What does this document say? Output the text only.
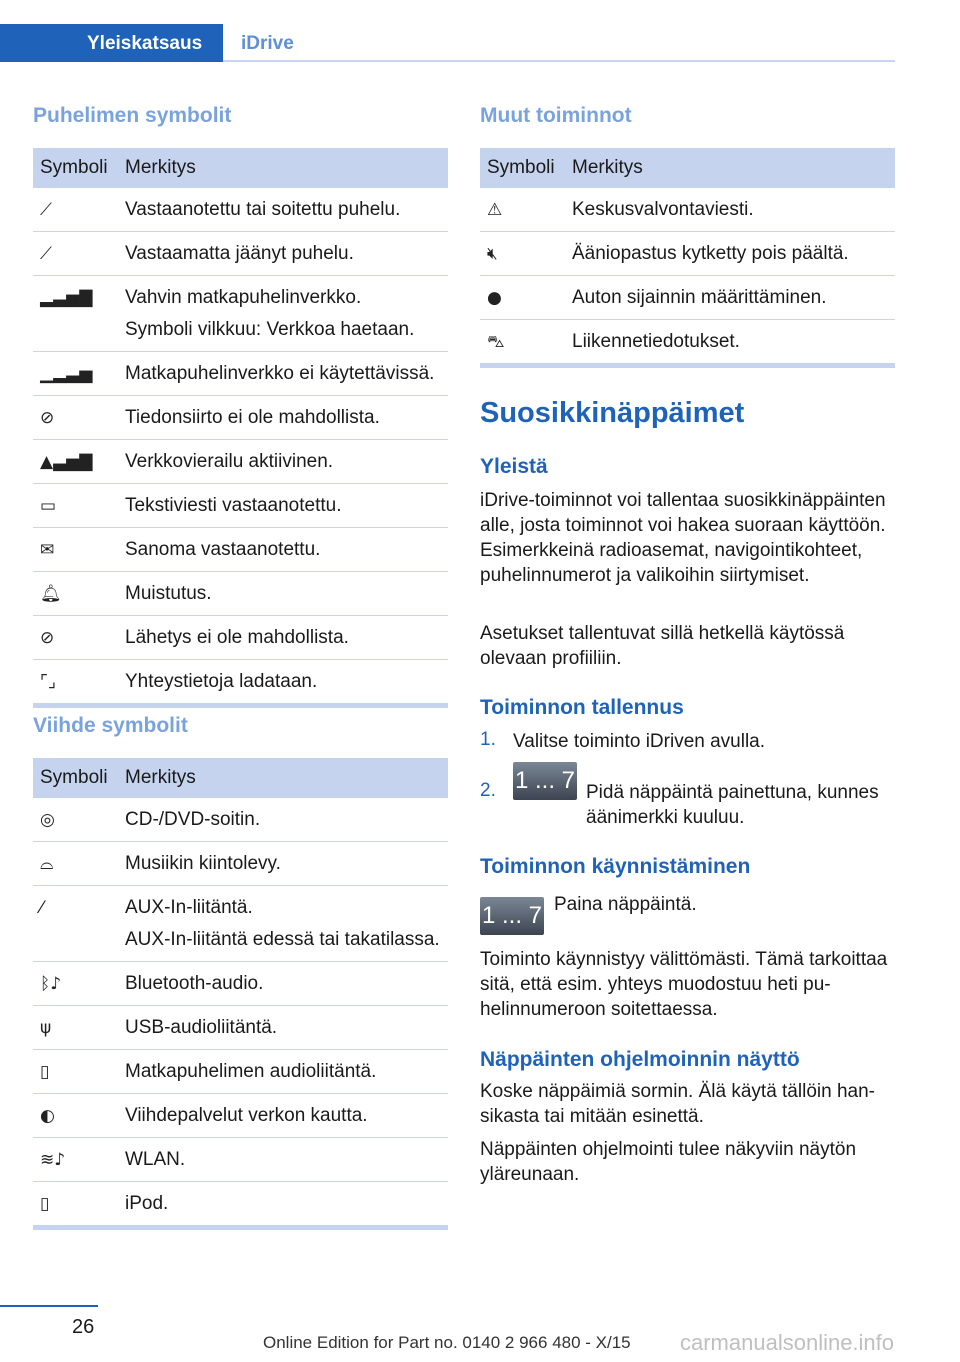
Yleiskatsaus	iDrive
Puhelimen symbolit
Symboli	Merkitys
⟋	Vastaanotettu tai soitettu puhelu.

⟋	Vastaamatta jäänyt puhelu.

▂▃▅▇	Vahvin matkapuhelinverkko.

Symboli vilkkuu: Verkkoa haetaan.

▁▂▃▅	Matkapuhelinverkko ei käytettävissä.

⊘	Tiedonsiirto ei ole mahdollista.

▲▃▅▇	Verkkovierailu aktiivinen.

▭	Tekstiviesti vastaanotettu.

✉	Sanoma vastaanotettu.

🔔︎	Muistutus.

⊘	Lähetys ei ole mahdollista.

⌜⌟	Yhteystietoja ladataan.

Viihde symbolit
Symboli	Merkitys
◎	CD-/DVD-soitin.

⌓	Musiikin kiintolevy.

⁄	AUX-In-liitäntä.

AUX-In-liitäntä edessä tai takatilassa.

ᛒ♪	Bluetooth-audio.

ψ	USB-audioliitäntä.

▯	Matkapuhelimen audioliitäntä.

◐	Viihdepalvelut verkon kautta.

≋♪	WLAN.

▯	iPod.

Muut toiminnot
Symboli	Merkitys
⚠	Keskusvalvontaviesti.

🔇︎	Ääniopastus kytketty pois päältä.

●	Auton sijainnin määrittäminen.

⛍	Liikennetiedotukset.

Suosikkinäppäimet
Yleistä
iDrive-toiminnot voi tallentaa suosikkinäppäinten alle, josta toiminnot voi hakea suoraan käyttöön. Esimerkkeinä radioasemat, navigointikohteet, puhelinnumerot ja valikoihin siirtymiset.
Asetukset tallentuvat sillä hetkellä käytössä olevaan profiiliin.
Toiminnon tallennus
1. Valitse toiminto iDriven avulla.
2. 1 ... 7 Pidä näppäintä painettuna, kunnes äänimerkki kuuluu.
Toiminnon käynnistäminen
1 ... 7 Paina näppäintä.
Toiminto käynnistyy välittömästi. Tämä tarkoittaa sitä, että esim. yhteys muodostuu heti puhelinnumeroon soitettaessa.
Näppäinten ohjelmoinnin näyttö
Koske näppäimiä sormin. Älä käytä tällöin hansikasta tai mitään esinettä.
Näppäinten ohjelmointi tulee näkyviin näytön yläreunaan.
26
Online Edition for Part no. 0140 2 966 480 - X/15 carmanualsonline.info
